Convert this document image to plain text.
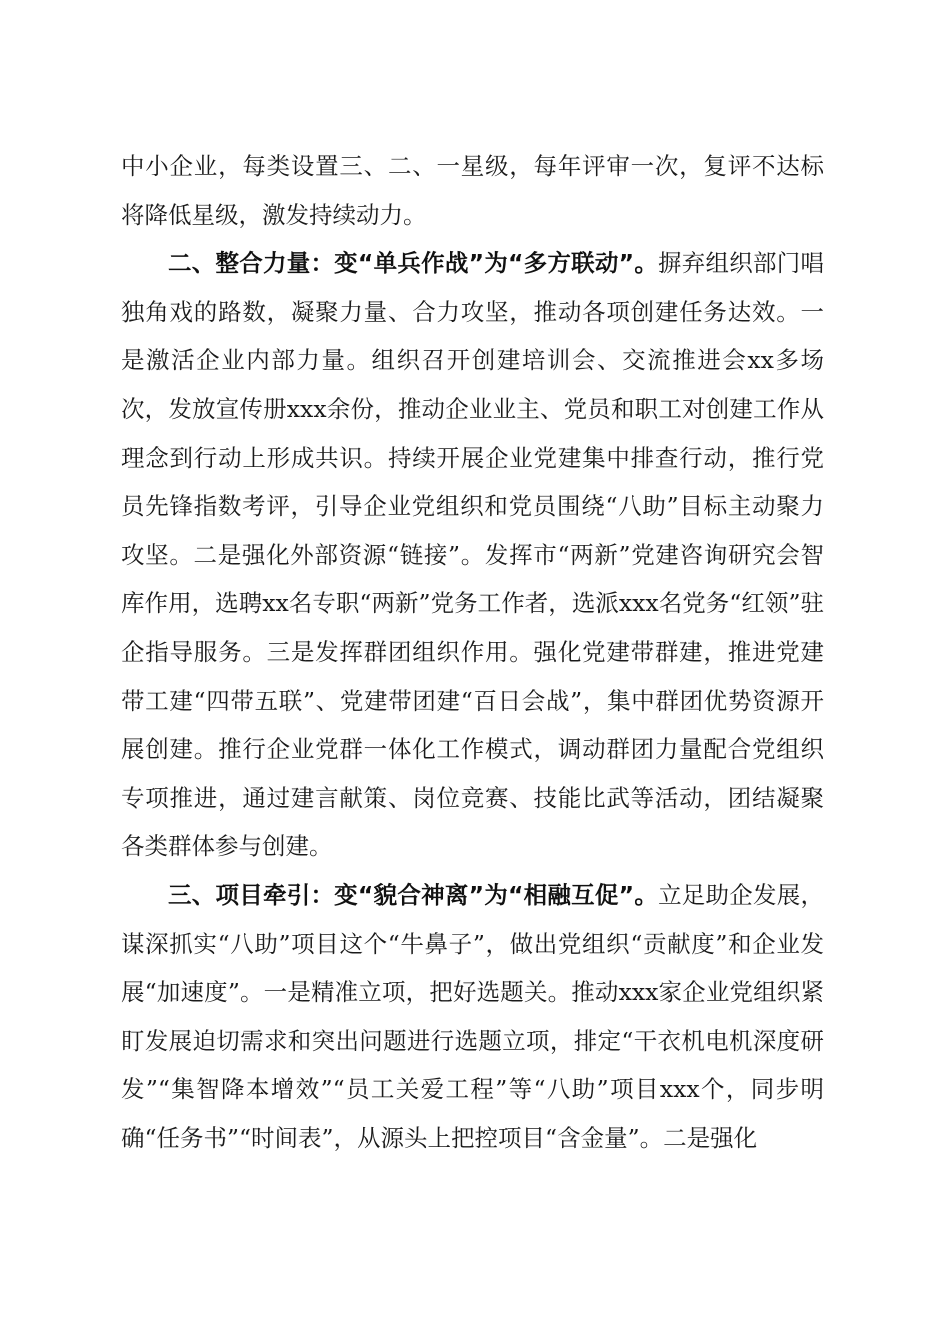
中小企业，每类设置三、二、一星级，每年评审一次，复评不达标将降低星级，激发持续动力。

二、整合力量：变“单兵作战”为“多方联动”。摒弃组织部门唱独角戏的路数，凝聚力量、合力攻坚，推动各项创建任务达效。一是激活企业内部力量。组织召开创建培训会、交流推进会xx多场次，发放宣传册xxx余份，推动企业业主、党员和职工对创建工作从理念到行动上形成共识。持续开展企业党建集中排查行动，推行党员先锋指数考评，引导企业党组织和党员围绕“八助”目标主动聚力攻坚。二是强化外部资源“链接”。发挥市“两新”党建咨询研究会智库作用，选聘xx名专职“两新”党务工作者，选派xxx名党务“红领”驻企指导服务。三是发挥群团组织作用。强化党建带群建，推进党建带工建“四带五联”、党建带团建“百日会战”，集中群团优势资源开展创建。推行企业党群一体化工作模式，调动群团力量配合党组织专项推进，通过建言献策、岗位竞赛、技能比武等活动，团结凝聚各类群体参与创建。

三、项目牵引：变“貌合神离”为“相融互促”。立足助企发展，谋深抓实“八助”项目这个“牛鼻子”，做出党组织“贡献度”和企业发展“加速度”。一是精准立项，把好选题关。推动xxx家企业党组织紧盯发展迫切需求和突出问题进行选题立项，排定“干衣机电机深度研发”“集智降本增效”“员工关爱工程”等“八助”项目xxx个，同步明确“任务书”“时间表”，从源头上把控项目“含金量”。二是强化
